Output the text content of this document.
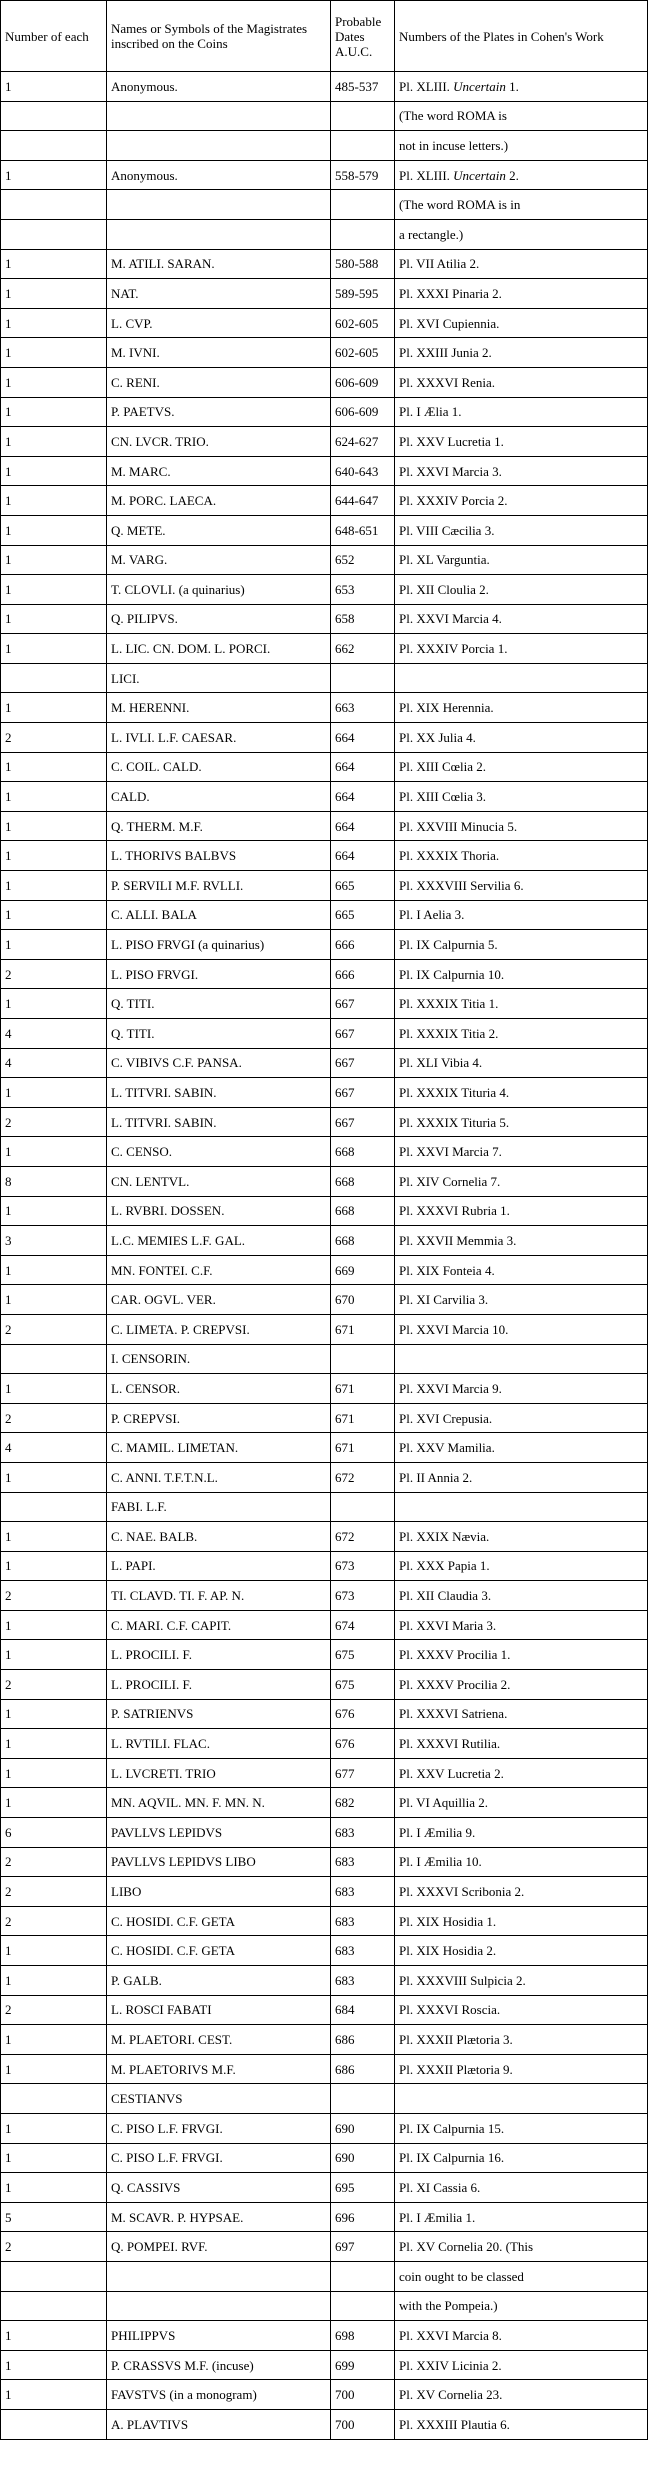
Number of each	Names or Symbols of the Magistrates inscribed on the Coins	Probable Dates A.U.C.	Numbers of the Plates in Cohen's Work
1	Anonymous.	485-537	Pl. XLIII. Uncertain 1.
			(The word ROMA is
			not in incuse letters.)
1	Anonymous.	558-579	Pl. XLIII. Uncertain 2.
			(The word ROMA is in
			a rectangle.)
1	M. ATILI. SARAN.	580-588	Pl. VII Atilia 2.
1	NAT.	589-595	Pl. XXXI Pinaria 2.
1	L. CVP.	602-605	Pl. XVI Cupiennia.
1	M. IVNI.	602-605	Pl. XXIII Junia 2.
1	C. RENI.	606-609	Pl. XXXVI Renia.
1	P. PAETVS.	606-609	Pl. I Ælia 1.
1	CN. LVCR. TRIO.	624-627	Pl. XXV Lucretia 1.
1	M. MARC.	640-643	Pl. XXVI Marcia 3.
1	M. PORC. LAECA.	644-647	Pl. XXXIV Porcia 2.
1	Q. METE.	648-651	Pl. VIII Cæcilia 3.
1	M. VARG.	652	Pl. XL Varguntia.
1	T. CLOVLI. (a quinarius)	653	Pl. XII Cloulia 2.
1	Q. PILIPVS.	658	Pl. XXVI Marcia 4.
1	L. LIC. CN. DOM. L. PORCI.	662	Pl. XXXIV Porcia 1.
	LICI.		
1	M. HERENNI.	663	Pl. XIX Herennia.
2	L. IVLI. L.F. CAESAR.	664	Pl. XX Julia 4.
1	C. COIL. CALD.	664	Pl. XIII Cœlia 2.
1	CALD.	664	Pl. XIII Cœlia 3.
1	Q. THERM. M.F.	664	Pl. XXVIII Minucia 5.
1	L. THORIVS BALBVS	664	Pl. XXXIX Thoria.
1	P. SERVILI M.F. RVLLI.	665	Pl. XXXVIII Servilia 6.
1	C. ALLI. BALA	665	Pl. I Aelia 3.
1	L. PISO FRVGI (a quinarius)	666	Pl. IX Calpurnia 5.
2	L. PISO FRVGI.	666	Pl. IX Calpurnia 10.
1	Q. TITI.	667	Pl. XXXIX Titia 1.
4	Q. TITI.	667	Pl. XXXIX Titia 2.
4	C. VIBIVS C.F. PANSA.	667	Pl. XLI Vibia 4.
1	L. TITVRI. SABIN.	667	Pl. XXXIX Tituria 4.
2	L. TITVRI. SABIN.	667	Pl. XXXIX Tituria 5.
1	C. CENSO.	668	Pl. XXVI Marcia 7.
8	CN. LENTVL.	668	Pl. XIV Cornelia 7.
1	L. RVBRI. DOSSEN.	668	Pl. XXXVI Rubria 1.
3	L.C. MEMIES L.F. GAL.	668	Pl. XXVII Memmia 3.
1	MN. FONTEI. C.F.	669	Pl. XIX Fonteia 4.
1	CAR. OGVL. VER.	670	Pl. XI Carvilia 3.
2	C. LIMETA. P. CREPVSI.	671	Pl. XXVI Marcia 10.
	I. CENSORIN.		
1	L. CENSOR.	671	Pl. XXVI Marcia 9.
2	P. CREPVSI.	671	Pl. XVI Crepusia.
4	C. MAMIL. LIMETAN.	671	Pl. XXV Mamilia.
1	C. ANNI. T.F.T.N.L.	672	Pl. II Annia 2.
	FABI. L.F.		
1	C. NAE. BALB.	672	Pl. XXIX Nævia.
1	L. PAPI.	673	Pl. XXX Papia 1.
2	TI. CLAVD. TI. F. AP. N.	673	Pl. XII Claudia 3.
1	C. MARI. C.F. CAPIT.	674	Pl. XXVI Maria 3.
1	L. PROCILI. F.	675	Pl. XXXV Procilia 1.
2	L. PROCILI. F.	675	Pl. XXXV Procilia 2.
1	P. SATRIENVS	676	Pl. XXXVI Satriena.
1	L. RVTILI. FLAC.	676	Pl. XXXVI Rutilia.
1	L. LVCRETI. TRIO	677	Pl. XXV Lucretia 2.
1	MN. AQVIL. MN. F. MN. N.	682	Pl. VI Aquillia 2.
6	PAVLLVS LEPIDVS	683	Pl. I Æmilia 9.
2	PAVLLVS LEPIDVS LIBO	683	Pl. I Æmilia 10.
2	LIBO	683	Pl. XXXVI Scribonia 2.
2	C. HOSIDI. C.F. GETA	683	Pl. XIX Hosidia 1.
1	C. HOSIDI. C.F. GETA	683	Pl. XIX Hosidia 2.
1	P. GALB.	683	Pl. XXXVIII Sulpicia 2.
2	L. ROSCI FABATI	684	Pl. XXXVI Roscia.
1	M. PLAETORI. CEST.	686	Pl. XXXII Plætoria 3.
1	M. PLAETORIVS M.F.	686	Pl. XXXII Plætoria 9.
	CESTIANVS		
1	C. PISO L.F. FRVGI.	690	Pl. IX Calpurnia 15.
1	C. PISO L.F. FRVGI.	690	Pl. IX Calpurnia 16.
1	Q. CASSIVS	695	Pl. XI Cassia 6.
5	M. SCAVR. P. HYPSAE.	696	Pl. I Æmilia 1.
2	Q. POMPEI. RVF.	697	Pl. XV Cornelia 20. (This
			coin ought to be classed
			with the Pompeia.)
1	PHILIPPVS	698	Pl. XXVI Marcia 8.
1	P. CRASSVS M.F. (incuse)	699	Pl. XXIV Licinia 2.
1	FAVSTVS (in a monogram)	700	Pl. XV Cornelia 23.
	A. PLAVTIVS	700	Pl. XXXIII Plautia 6.
